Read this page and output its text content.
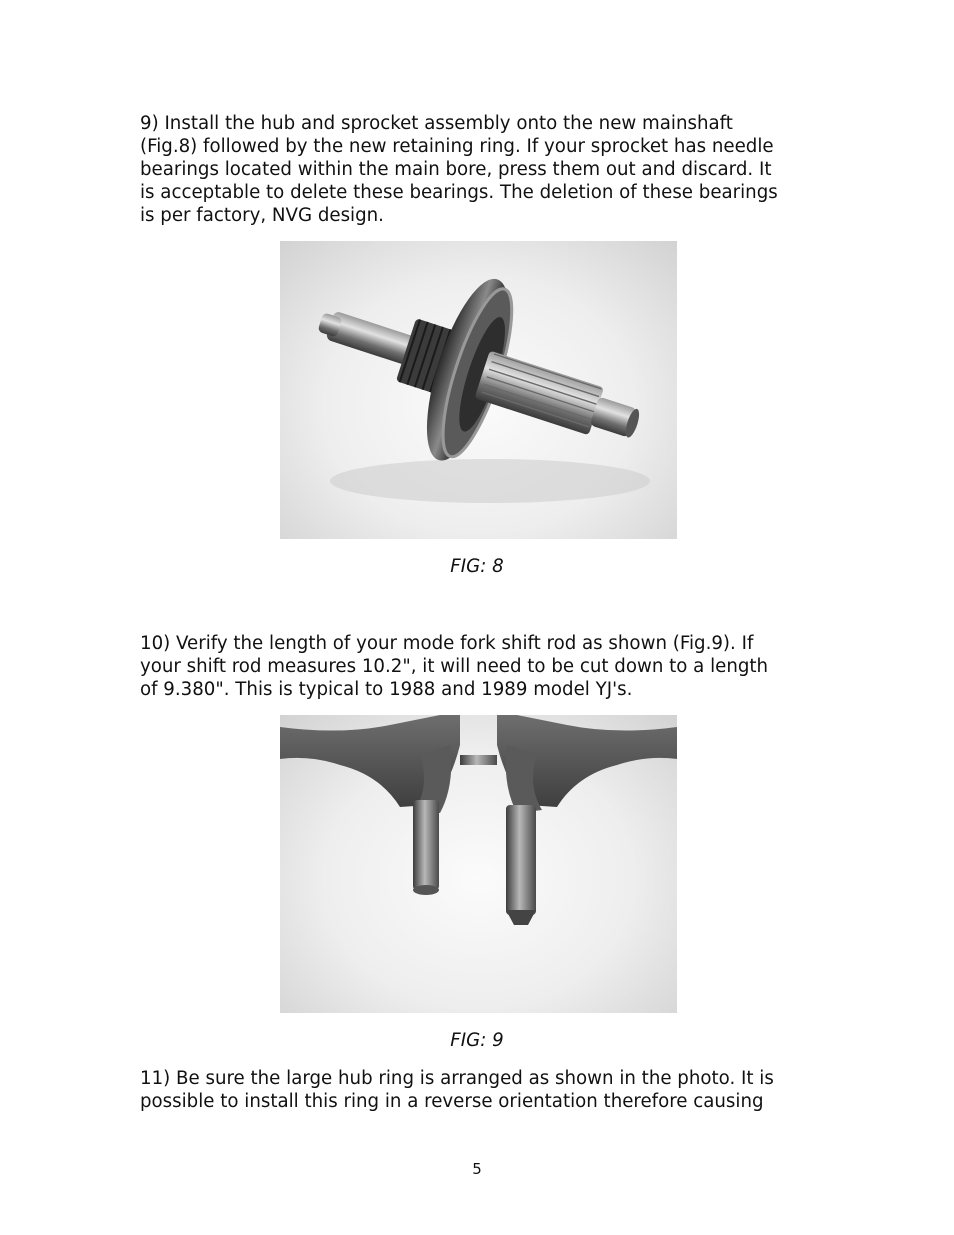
9) Install the hub and sprocket assembly onto the new mainshaft
(Fig.8) followed by the new retaining ring. If your sprocket has needle
bearings located within the main bore, press them out and discard. It
is acceptable to delete these bearings. The deletion of these bearings
is per factory, NVG design.
FIG: 8
10) Verify the length of your mode fork shift rod as shown (Fig.9). If
your shift rod measures 10.2", it will need to be cut down to a length
of 9.380". This is typical to 1988 and 1989 model YJ's.
FIG: 9
11) Be sure the large hub ring is arranged as shown in the photo. It is
possible to install this ring in a reverse orientation therefore causing
5
